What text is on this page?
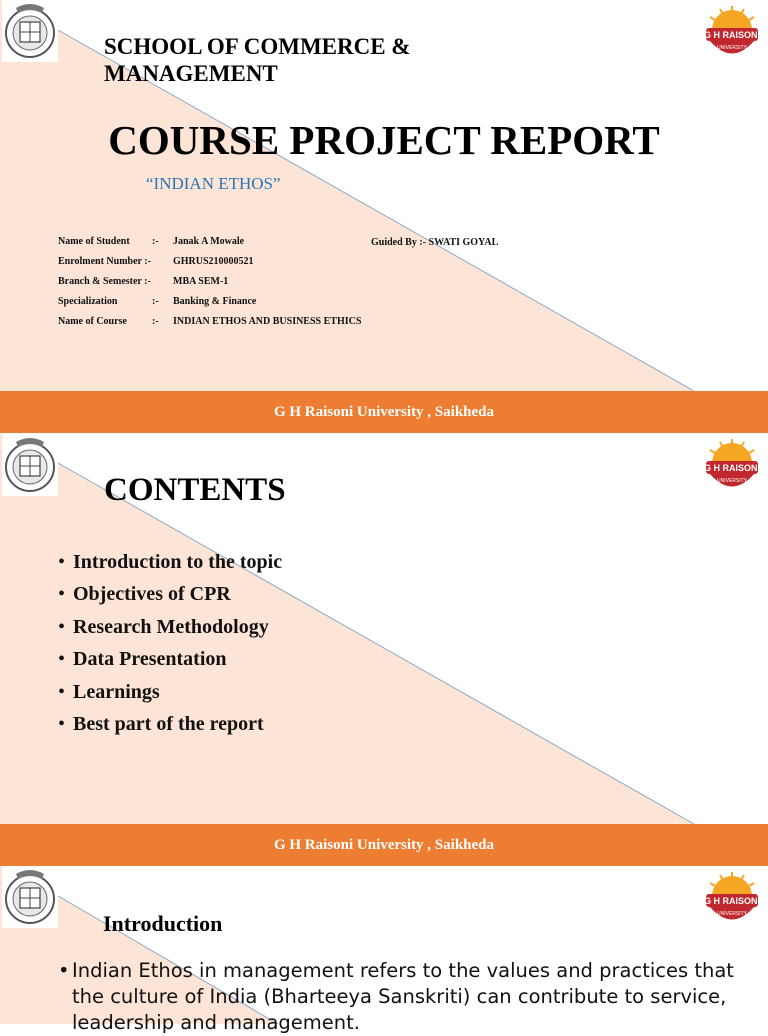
G H RAISONI
UNIVERSITY
SCHOOL OF COMMERCE & MANAGEMENT
COURSE PROJECT REPORT
“INDIAN ETHOS”
Name of Student :- Janak A Mowale
Enrolment Number :- GHRUS210000521
Branch & Semester :- MBA SEM-1
Specialization	:- Banking & Finance
Name of Course	:- INDIAN ETHOS AND BUSINESS ETHICS
Guided By :- SWATI GOYAL
G H Raisoni University , Saikheda
G H Raisoni University , Saikheda
G H RAISONI
UNIVERSITY
CONTENTS
• Introduction to the topic
• Objectives of CPR
• Research Methodology
• Data Presentation
• Learnings
• Best part of the report
G H RAISONI
UNIVERSITY
Introduction
• Indian Ethos in management refers to the values and practices that the culture of India (Bharteeya Sanskriti) can contribute to service, leadership and management.
